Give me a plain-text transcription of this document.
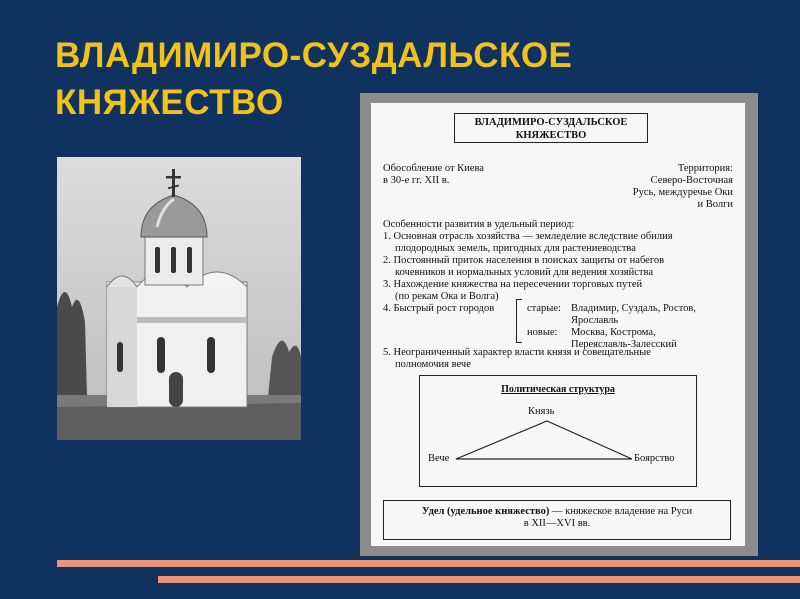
ВЛАДИМИРО-СУЗДАЛЬСКОЕ
КНЯЖЕСТВО
ВЛАДИМИРО-СУЗДАЛЬСКОЕ
КНЯЖЕСТВО
Обособление от Киева
в 30-е гг. XII в.
Территория:
Северо-Восточная
Русь, междуречье Оки
и Волги
Особенности развития в удельный период:
1. Основная отрасль хозяйства — земледелие вследствие обилия
плодородных земель, пригодных для растениеводства
2. Постоянный приток населения в поисках защиты от набегов
кочевников и нормальных условий для ведения хозяйства
3. Нахождение княжества на пересечении торговых путей
(по рекам Ока и Волга)
4. Быстрый рост городов	старые: Владимир, Суздаль, Ростов,
Ярославль
новые: Москва, Кострома,
Переяславль-Залесский
5. Неограниченный характер власти князя и совещательные
полномочия вече
Политическая структура
Князь
Вече	Боярство
Удел (удельное княжество) — княжеское владение на Руси
в XII—XVI вв.
